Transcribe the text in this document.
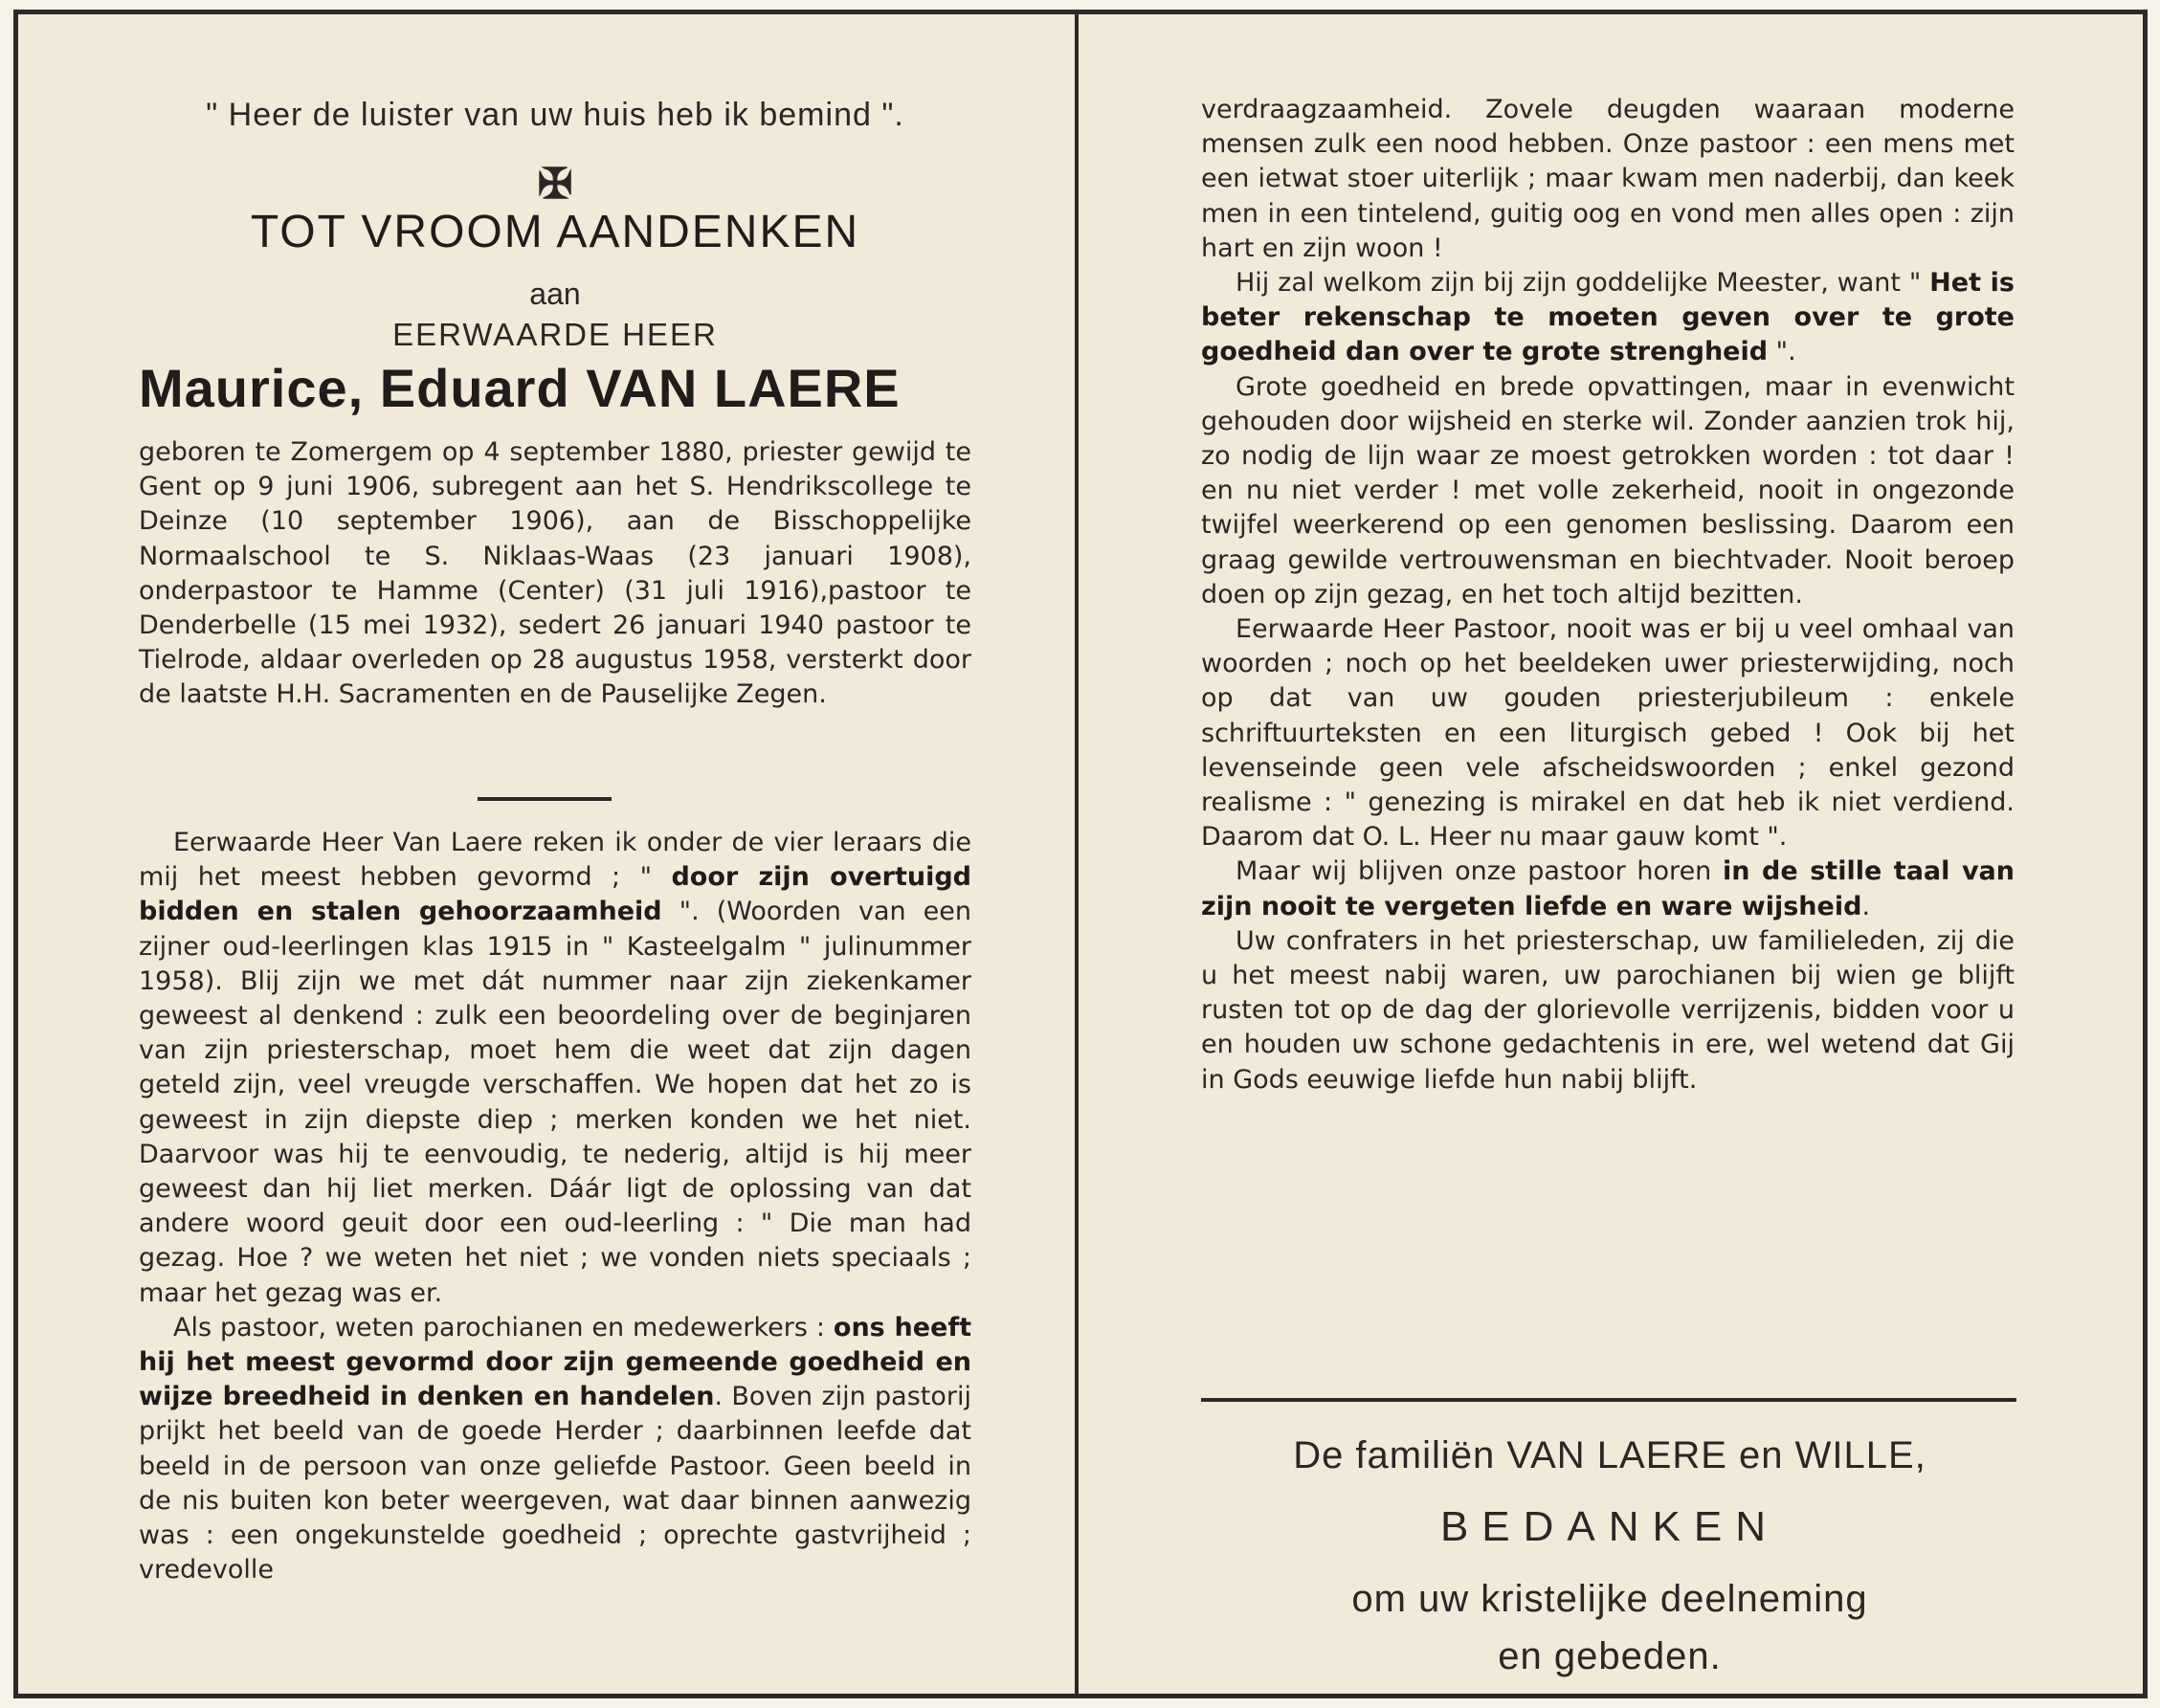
" Heer de luister van uw huis heb ik bemind ".
✠
TOT VROOM AANDENKEN
aan
EERWAARDE HEER
Maurice, Eduard VAN LAERE

geboren te Zomergem op 4 september 1880, priester gewijd te Gent op 9 juni 1906, subregent aan het S. Hendrikscollege te Deinze (10 september 1906), aan de Bisschoppelijke Normaalschool te S. Niklaas-Waas (23 januari 1908), onderpastoor te Hamme (Center) (31 juli 1916),pastoor te Denderbelle (15 mei 1932), sedert 26 januari 1940 pastoor te Tielrode, aldaar overleden op 28 augustus 1958, versterkt door de laatste H.H. Sacramenten en de Pauselijke Zegen.

Eerwaarde Heer Van Laere reken ik onder de vier leraars die mij het meest hebben gevormd ; " door zijn overtuigd bidden en stalen gehoorzaamheid ". (Woorden van een zijner oud-leerlingen klas 1915 in " Kasteelgalm " julinummer 1958). Blij zijn we met dát nummer naar zijn ziekenkamer geweest al denkend : zulk een beoordeling over de beginjaren van zijn priesterschap, moet hem die weet dat zijn dagen geteld zijn, veel vreugde verschaffen. We hopen dat het zo is geweest in zijn diepste diep ; merken konden we het niet. Daarvoor was hij te eenvoudig, te nederig, altijd is hij meer geweest dan hij liet merken. Dáár ligt de oplossing van dat andere woord geuit door een oud-leerling : " Die man had gezag. Hoe ? we weten het niet ; we vonden niets speciaals ; maar het gezag was er.

Als pastoor, weten parochianen en medewerkers : ons heeft hij het meest gevormd door zijn gemeende goedheid en wijze breedheid in denken en handelen. Boven zijn pastorij prijkt het beeld van de goede Herder ; daarbinnen leefde dat beeld in de persoon van onze geliefde Pastoor. Geen beeld in de nis buiten kon beter weergeven, wat daar binnen aanwezig was : een ongekunstelde goedheid ; oprechte gastvrijheid ; vredevolle

verdraagzaamheid. Zovele deugden waaraan moderne mensen zulk een nood hebben. Onze pastoor : een mens met een ietwat stoer uiterlijk ; maar kwam men naderbij, dan keek men in een tintelend, guitig oog en vond men alles open : zijn hart en zijn woon !

Hij zal welkom zijn bij zijn goddelijke Meester, want " Het is beter rekenschap te moeten geven over te grote goedheid dan over te grote strengheid ".

Grote goedheid en brede opvattingen, maar in evenwicht gehouden door wijsheid en sterke wil. Zonder aanzien trok hij, zo nodig de lijn waar ze moest getrokken worden : tot daar ! en nu niet verder ! met volle zekerheid, nooit in ongezonde twijfel weerkerend op een genomen beslissing. Daarom een graag gewilde vertrouwensman en biechtvader. Nooit beroep doen op zijn gezag, en het toch altijd bezitten.

Eerwaarde Heer Pastoor, nooit was er bij u veel omhaal van woorden ; noch op het beeldeken uwer priesterwijding, noch op dat van uw gouden priesterjubileum : enkele schriftuurteksten en een liturgisch gebed ! Ook bij het levenseinde geen vele afscheidswoorden ; enkel gezond realisme : " genezing is mirakel en dat heb ik niet verdiend. Daarom dat O. L. Heer nu maar gauw komt ".

Maar wij blijven onze pastoor horen in de stille taal van zijn nooit te vergeten liefde en ware wijsheid.

Uw confraters in het priesterschap, uw familieleden, zij die u het meest nabij waren, uw parochianen bij wien ge blijft rusten tot op de dag der glorievolle verrijzenis, bidden voor u en houden uw schone gedachtenis in ere, wel wetend dat Gij in Gods eeuwige liefde hun nabij blijft.

De familiën VAN LAERE en WILLE,
BEDANKEN
om uw kristelijke deelneming
en gebeden.
